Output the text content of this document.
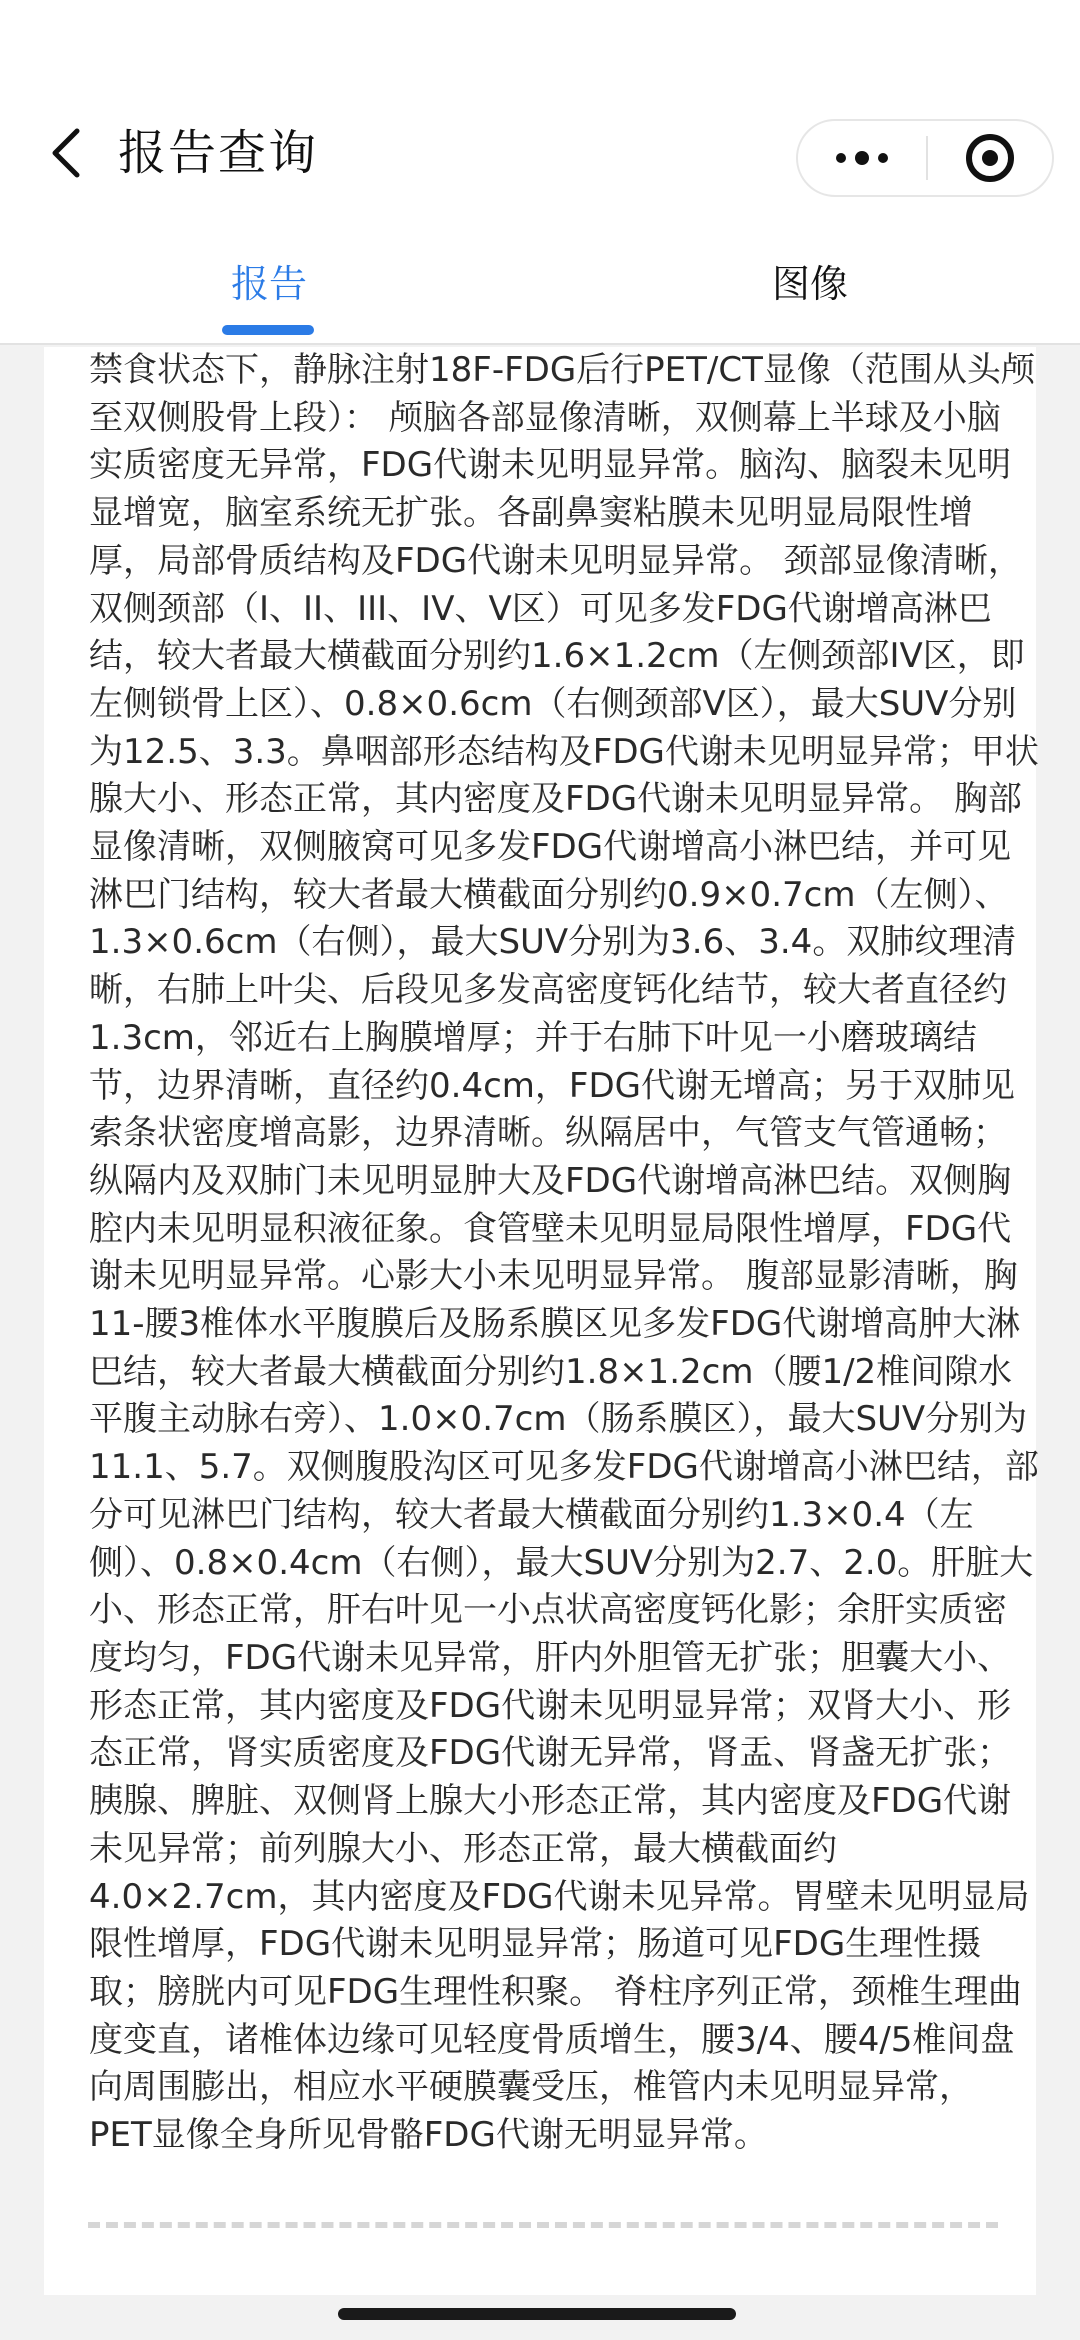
报告查询
报告	图像
禁食状态下，静脉注射18F-FDG后行PET/CT显像（范围从头颅
至双侧股骨上段）： 颅脑各部显像清晰，双侧幕上半球及小脑
实质密度无异常，FDG代谢未见明显异常。脑沟、脑裂未见明
显增宽，脑室系统无扩张。各副鼻窦粘膜未见明显局限性增
厚，局部骨质结构及FDG代谢未见明显异常。 颈部显像清晰，
双侧颈部（I、II、III、IV、V区）可见多发FDG代谢增高淋巴
结，较大者最大横截面分别约1.6×1.2cm（左侧颈部IV区，即
左侧锁骨上区）、0.8×0.6cm（右侧颈部V区），最大SUV分别
为12.5、3.3。鼻咽部形态结构及FDG代谢未见明显异常；甲状
腺大小、形态正常，其内密度及FDG代谢未见明显异常。 胸部
显像清晰，双侧腋窝可见多发FDG代谢增高小淋巴结，并可见
淋巴门结构，较大者最大横截面分别约0.9×0.7cm（左侧）、
1.3×0.6cm（右侧），最大SUV分别为3.6、3.4。双肺纹理清
晰，右肺上叶尖、后段见多发高密度钙化结节，较大者直径约
1.3cm，邻近右上胸膜增厚；并于右肺下叶见一小磨玻璃结
节，边界清晰，直径约0.4cm，FDG代谢无增高；另于双肺见
索条状密度增高影，边界清晰。纵隔居中，气管支气管通畅；
纵隔内及双肺门未见明显肿大及FDG代谢增高淋巴结。双侧胸
腔内未见明显积液征象。食管壁未见明显局限性增厚，FDG代
谢未见明显异常。心影大小未见明显异常。 腹部显影清晰，胸
11-腰3椎体水平腹膜后及肠系膜区见多发FDG代谢增高肿大淋
巴结，较大者最大横截面分别约1.8×1.2cm（腰1/2椎间隙水
平腹主动脉右旁）、1.0×0.7cm（肠系膜区），最大SUV分别为
11.1、5.7。双侧腹股沟区可见多发FDG代谢增高小淋巴结，部
分可见淋巴门结构，较大者最大横截面分别约1.3×0.4（左
侧）、0.8×0.4cm（右侧），最大SUV分别为2.7、2.0。肝脏大
小、形态正常，肝右叶见一小点状高密度钙化影；余肝实质密
度均匀，FDG代谢未见异常，肝内外胆管无扩张；胆囊大小、
形态正常，其内密度及FDG代谢未见明显异常；双肾大小、形
态正常，肾实质密度及FDG代谢无异常，肾盂、肾盏无扩张；
胰腺、脾脏、双侧肾上腺大小形态正常，其内密度及FDG代谢
未见异常；前列腺大小、形态正常，最大横截面约
4.0×2.7cm，其内密度及FDG代谢未见异常。胃壁未见明显局
限性增厚，FDG代谢未见明显异常；肠道可见FDG生理性摄
取；膀胱内可见FDG生理性积聚。 脊柱序列正常，颈椎生理曲
度变直，诸椎体边缘可见轻度骨质增生，腰3/4、腰4/5椎间盘
向周围膨出，相应水平硬膜囊受压，椎管内未见明显异常，
PET显像全身所见骨骼FDG代谢无明显异常。
